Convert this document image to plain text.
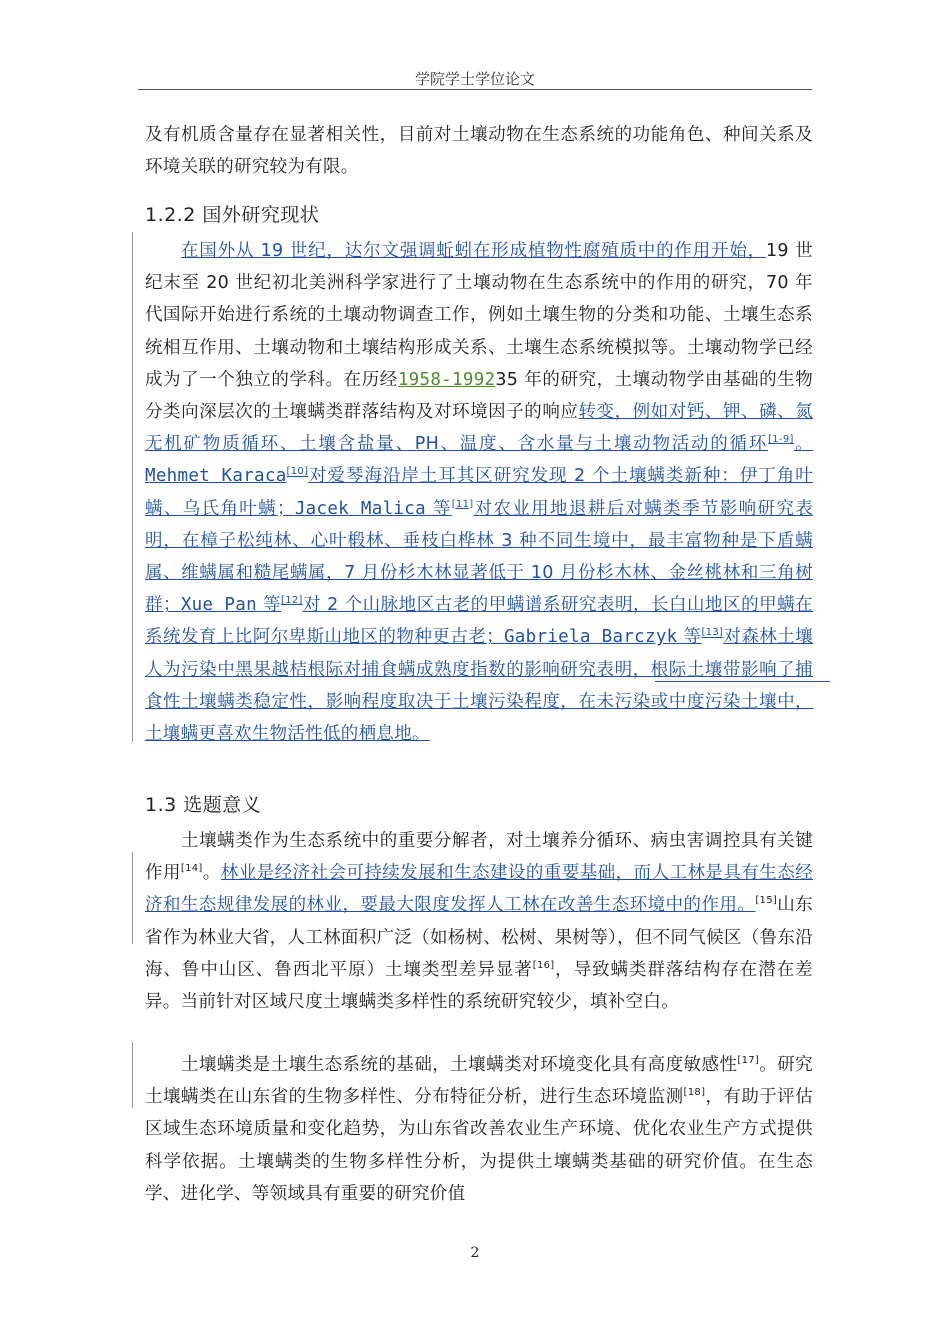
学院学士学位论文

及有机质含量存在显著相关性，目前对土壤动物在生态系统的功能角色、种间关系及环境关联的研究较为有限。

1.2.2 国外研究现状

在国外从 19 世纪，达尔文强调蚯蚓在形成植物性腐殖质中的作用开始，19 世纪末至 20 世纪初北美洲科学家进行了土壤动物在生态系统中的作用的研究，70 年代国际开始进行系统的土壤动物调查工作，例如土壤生物的分类和功能、土壤生态系统相互作用、土壤动物和土壤结构形成关系、土壤生态系统模拟等。土壤动物学已经成为了一个独立的学科。在历经1958-199235 年的研究，土壤动物学由基础的生物分类向深层次的土壤螨类群落结构及对环境因子的响应转变，例如对钙、钾、磷、氮无机矿物质循环、土壤含盐量、PH、温度、含水量与土壤动物活动的循环[1-9]。Mehmet Karaca[10]对爱琴海沿岸土耳其区研究发现 2 个土壤螨类新种：伊丁角叶螨、乌氏角叶螨；Jacek Malica 等[11]对农业用地退耕后对螨类季节影响研究表明，在樟子松纯林、心叶椴林、垂枝白桦林 3 种不同生境中，最丰富物种是下盾螨属、维螨属和糙尾螨属，7 月份杉木林显著低于 10 月份杉木林、金丝桃林和三角树群；Xue Pan 等[12]对 2 个山脉地区古老的甲螨谱系研究表明，长白山地区的甲螨在系统发育上比阿尔卑斯山地区的物种更古老；Gabriela Barczyk 等[13]对森林土壤人为污染中黑果越桔根际对捕食螨成熟度指数的影响研究表明，根际土壤带影响了捕食性土壤螨类稳定性，影响程度取决于土壤污染程度，在未污染或中度污染土壤中，土壤螨更喜欢生物活性低的栖息地。

1.3 选题意义

土壤螨类作为生态系统中的重要分解者，对土壤养分循环、病虫害调控具有关键作用[14]。林业是经济社会可持续发展和生态建设的重要基础，而人工林是具有生态经济和生态规律发展的林业，要最大限度发挥人工林在改善生态环境中的作用。[15]山东省作为林业大省，人工林面积广泛（如杨树、松树、果树等），但不同气候区（鲁东沿海、鲁中山区、鲁西北平原）土壤类型差异显著[16]，导致螨类群落结构存在潜在差异。当前针对区域尺度土壤螨类多样性的系统研究较少，填补空白。

土壤螨类是土壤生态系统的基础，土壤螨类对环境变化具有高度敏感性[17]。研究土壤螨类在山东省的生物多样性、分布特征分析，进行生态环境监测[18]，有助于评估区域生态环境质量和变化趋势，为山东省改善农业生产环境、优化农业生产方式提供科学依据。土壤螨类的生物多样性分析，为提供土壤螨类基础的研究价值。在生态学、进化学、等领域具有重要的研究价值

2
